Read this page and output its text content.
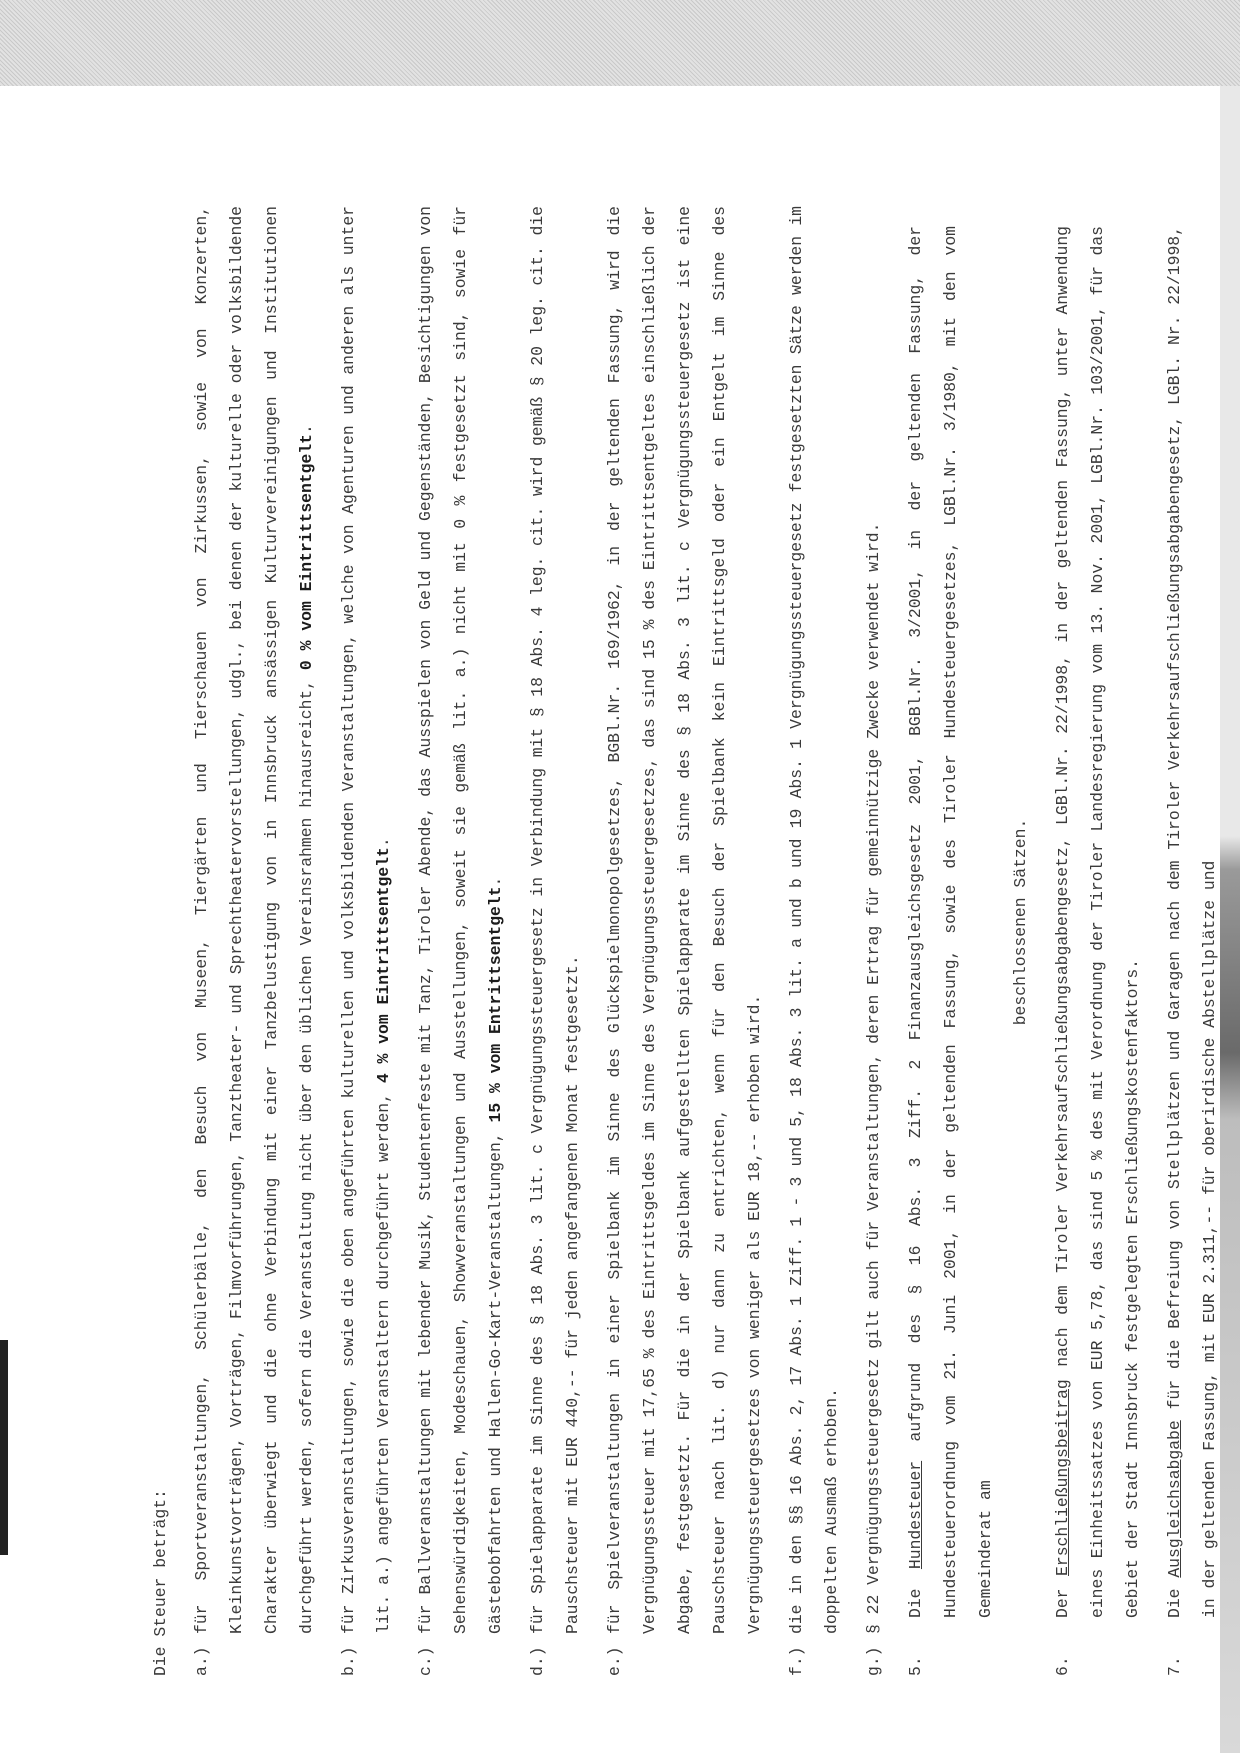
Die Steuer beträgt:	a.)
für Sportveranstaltungen, Schülerbälle, den Besuch von Museen, Tiergärten und Tierschauen von Zirkussen, sowie von Konzerten, Kleinkunstvorträgen, Vorträgen, Filmvorführungen, Tanztheater- und Sprechtheatervorstellungen, udgl., bei denen der kulturelle oder volksbildende Charakter überwiegt und die ohne Verbindung mit einer Tanzbelustigung von in Innsbruck ansässigen Kulturvereinigungen und Institutionen durchgeführt werden, sofern die Veranstaltung nicht über den üblichen Vereinsrahmen hinausreicht, 0 % vom Eintrittsentgelt.
b.)
für Zirkusveranstaltungen, sowie die oben angeführten kulturellen und volksbildenden Veranstaltungen, welche von Agenturen und anderen als unter lit. a.) angeführten Veranstaltern durchgeführt werden, 4 % vom Eintrittsentgelt.
c.)
für Ballveranstaltungen mit lebender Musik, Studentenfeste mit Tanz, Tiroler Abende, das Ausspielen von Geld und Gegenständen, Besichtigungen von Sehenswürdigkeiten, Modeschauen, Showveranstaltungen und Ausstellungen, soweit sie gemäß lit. a.) nicht mit 0 % festgesetzt sind, sowie für Gästebobfahrten und Hallen-Go-Kart-Veranstaltungen, 15 % vom Entrittsentgelt.
d.)
für Spielapparate im Sinne des § 18 Abs. 3 lit. c Vergnügungssteuergesetz in Verbindung mit § 18 Abs. 4 leg. cit. wird gemäß § 20 leg. cit. die Pauschsteuer mit EUR 440,-- für jeden angefangenen Monat festgesetzt.
e.)
für Spielveranstaltungen in einer Spielbank im Sinne des Glückspielmonopolgesetzes, BGBl.Nr. 169/1962, in der geltenden Fassung, wird die Vergnügungssteuer mit 17,65 % des Eintrittsgeldes im Sinne des Vergnügungssteuergesetzes, das sind 15 % des Eintrittsentgeltes einschließlich der Abgabe, festgesetzt. Für die in der Spielbank aufgestellten Spielapparate im Sinne des § 18 Abs. 3 lit. c Vergnügungssteuergesetz ist eine Pauschsteuer nach lit. d) nur dann zu entrichten, wenn für den Besuch der Spielbank kein Eintrittsgeld oder ein Entgelt im Sinne des Vergnügungssteuergesetzes von weniger als EUR 18,-- erhoben wird.
f.)
die in den §§ 16 Abs. 2, 17 Abs. 1 Ziff. 1 - 3 und 5, 18 Abs. 3 lit. a und b und 19 Abs. 1 Vergnügungssteuergesetz festgesetzten Sätze werden im doppelten Ausmaß erhoben.
g.)
§ 22 Vergnügungssteuergesetz gilt auch für Veranstaltungen, deren Ertrag für gemeinnützige Zwecke verwendet wird.
5.
Die Hundesteuer aufgrund des § 16 Abs. 3 Ziff. 2 Finanzausgleichsgesetz 2001, BGBl.Nr. 3/2001, in der geltenden Fassung, der Hundesteuerordnung vom 21. Juni 2001, in der geltenden Fassung, sowie des Tiroler Hundesteuergesetzes, LGBl.Nr. 3/1980, mit den vom Gemeinderat am
beschlossenen Sätzen.
6.
Der Erschließungsbeitrag nach dem Tiroler Verkehrsaufschließungsabgabengesetz, LGBl.Nr. 22/1998, in der geltenden Fassung, unter Anwendung eines Einheitssatzes von EUR 5,78, das sind 5 % des mit Verordnung der Tiroler Landesregierung vom 13. Nov. 2001, LGBl.Nr. 103/2001, für das Gebiet der Stadt Innsbruck festgelegten Erschließungskostenfaktors.
7.
Die Ausgleichsabgabe für die Befreiung von Stellplätzen und Garagen nach dem Tiroler Verkehrsaufschließungsabgabengesetz, LGBl. Nr. 22/1998, in der geltenden Fassung, mit EUR 2.311,-- für oberirdische Abstellplätze und
